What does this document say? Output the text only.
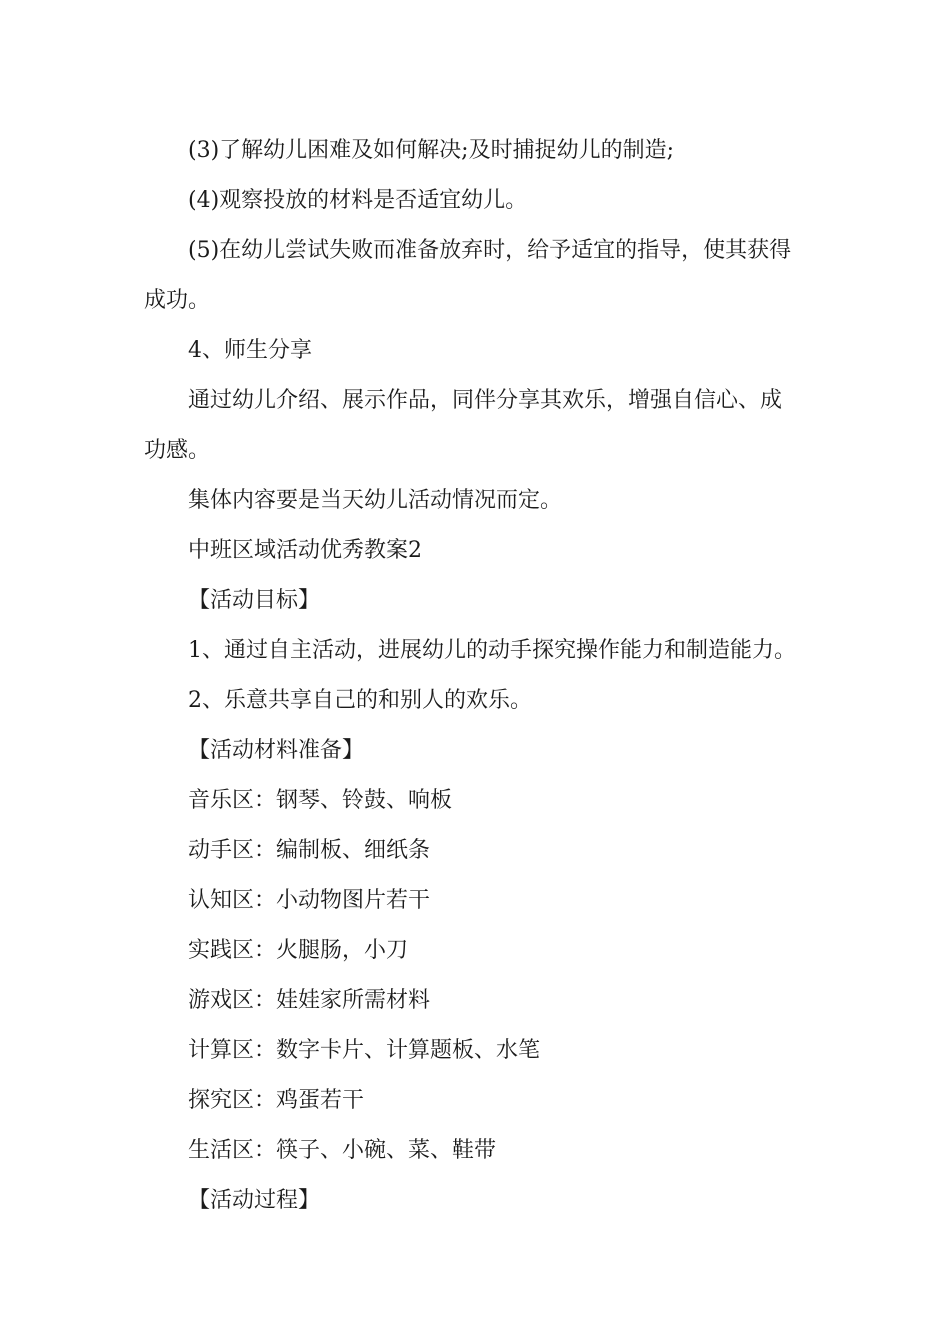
(3)了解幼儿困难及如何解决;及时捕捉幼儿的制造;
(4)观察投放的材料是否适宜幼儿。
(5)在幼儿尝试失败而准备放弃时，给予适宜的指导，使其获得
成功。
4、师生分享
通过幼儿介绍、展示作品，同伴分享其欢乐，增强自信心、成
功感。
集体内容要是当天幼儿活动情况而定。
中班区域活动优秀教案2
【活动目标】
1、通过自主活动，进展幼儿的动手探究操作能力和制造能力。
2、乐意共享自己的和别人的欢乐。
【活动材料准备】
音乐区：钢琴、铃鼓、响板
动手区：编制板、细纸条
认知区：小动物图片若干
实践区：火腿肠，小刀
游戏区：娃娃家所需材料
计算区：数字卡片、计算题板、水笔
探究区：鸡蛋若干
生活区：筷子、小碗、菜、鞋带
【活动过程】
